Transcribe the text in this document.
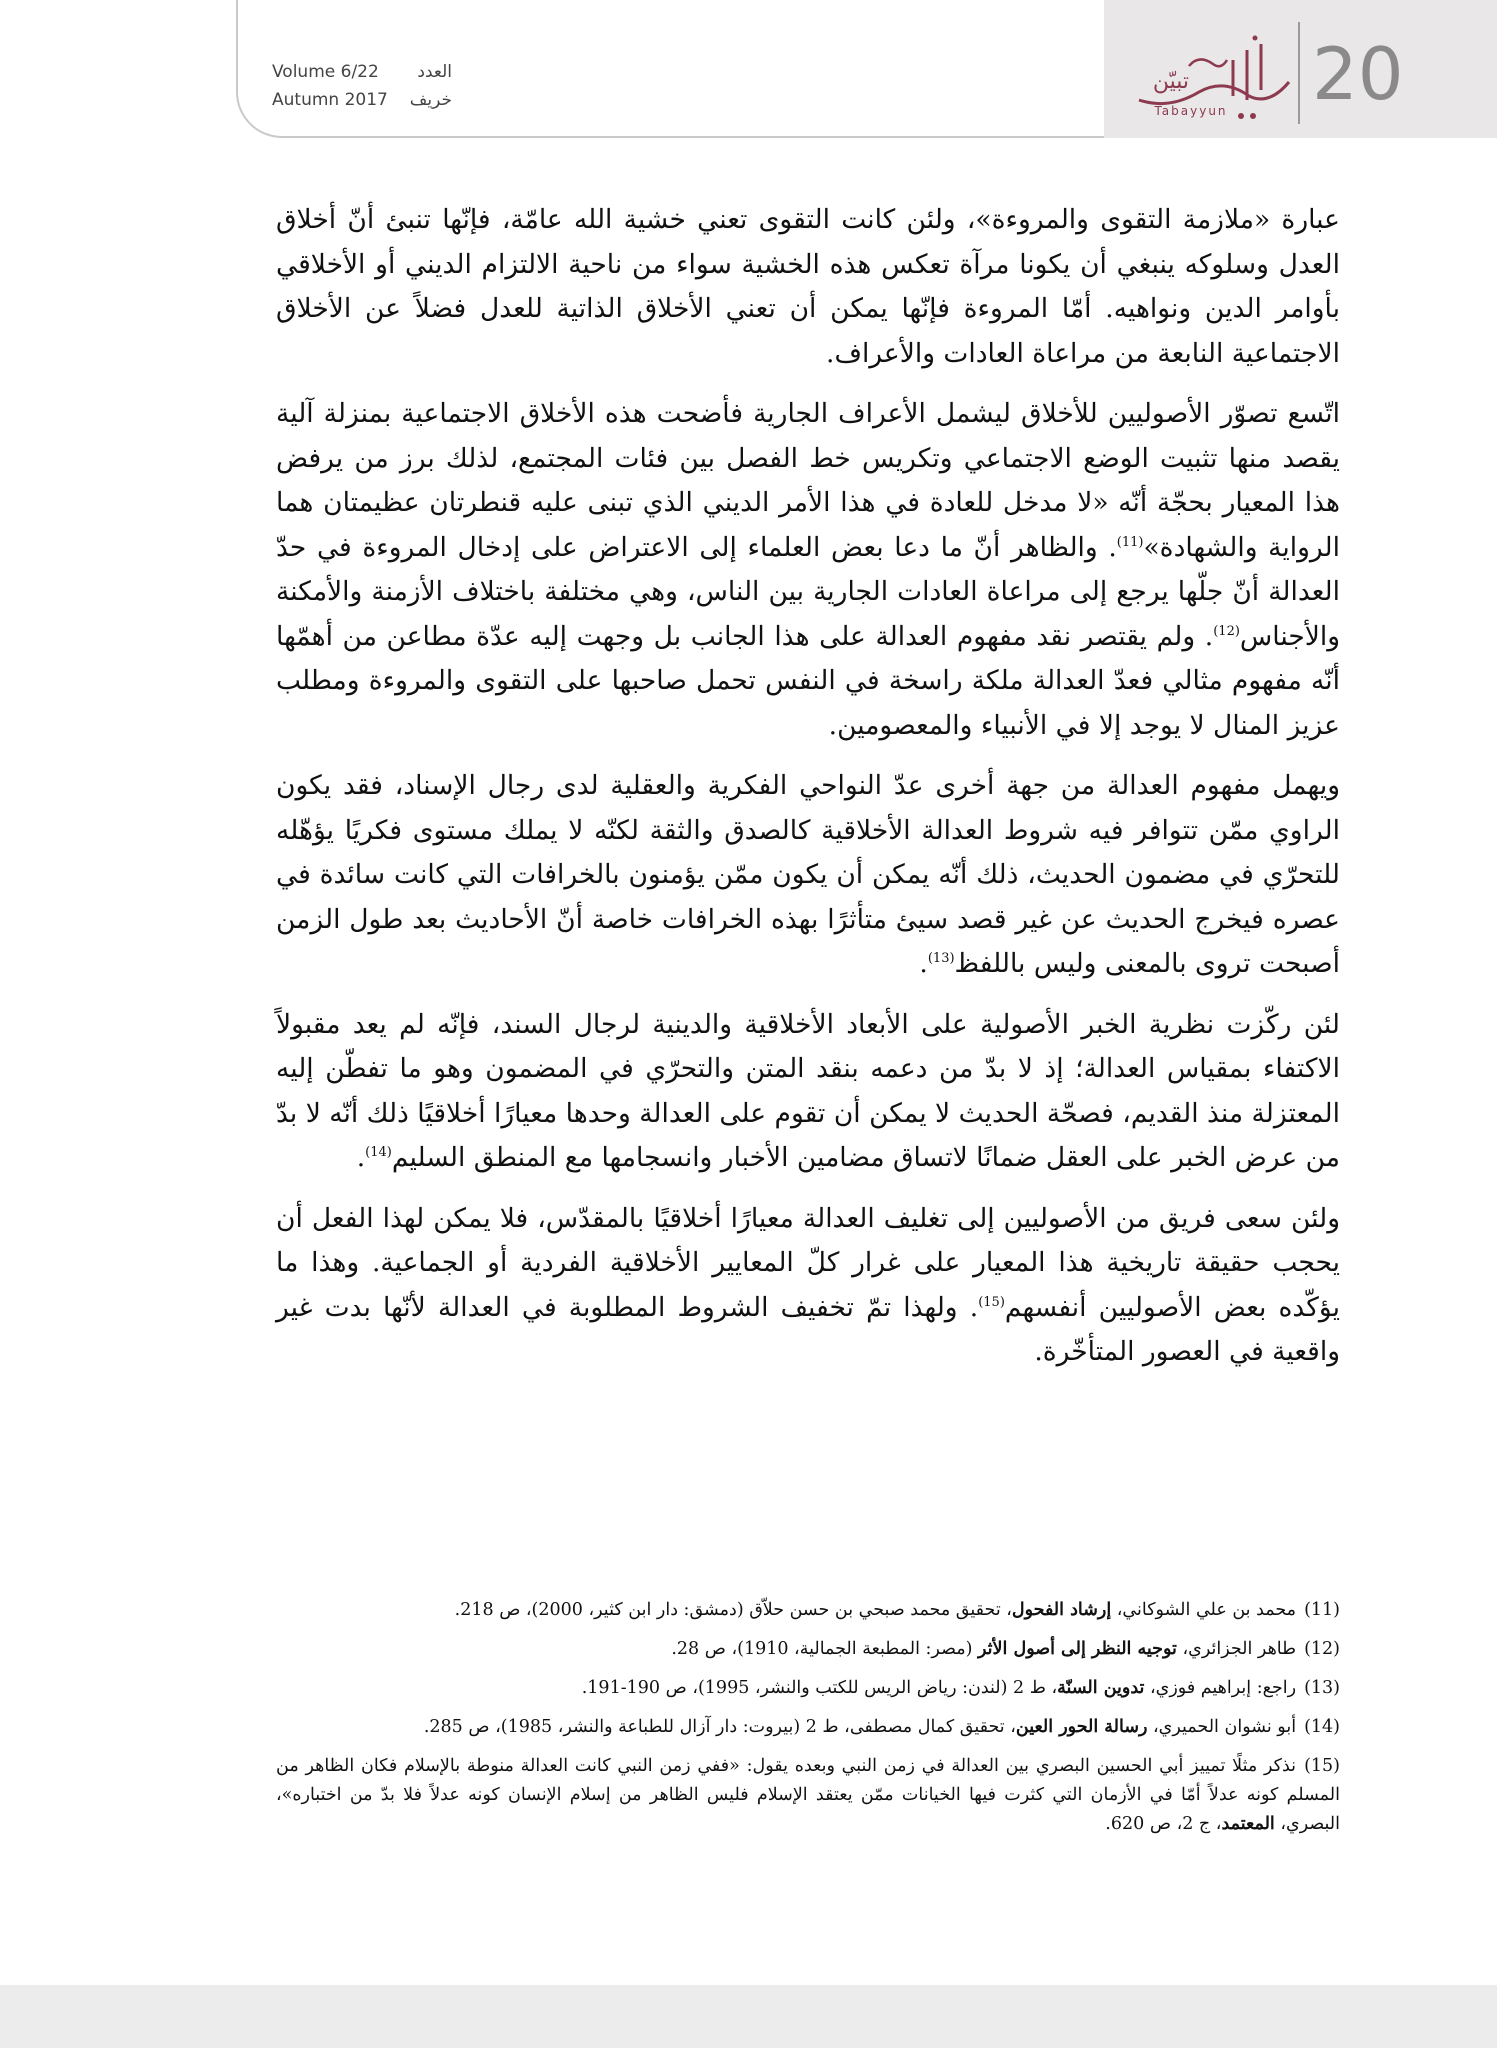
Volume 6/22 العدد
Autumn 2017 خريف
تبيّن
Tabayyun	20

عبارة «ملازمة التقوى والمروءة»، ولئن كانت التقوى تعني خشية الله عامّة، فإنّها تنبئ أنّ أخلاق العدل وسلوكه ينبغي أن يكونا مرآة تعكس هذه الخشية سواء من ناحية الالتزام الديني أو الأخلاقي بأوامر الدين ونواهيه. أمّا المروءة فإنّها يمكن أن تعني الأخلاق الذاتية للعدل فضلاً عن الأخلاق الاجتماعية النابعة من مراعاة العادات والأعراف.

اتّسع تصوّر الأصوليين للأخلاق ليشمل الأعراف الجارية فأضحت هذه الأخلاق الاجتماعية بمنزلة آلية يقصد منها تثبيت الوضع الاجتماعي وتكريس خط الفصل بين فئات المجتمع، لذلك برز من يرفض هذا المعيار بحجّة أنّه «لا مدخل للعادة في هذا الأمر الديني الذي تبنى عليه قنطرتان عظيمتان هما الرواية والشهادة»$^{(11)}$. والظاهر أنّ ما دعا بعض العلماء إلى الاعتراض على إدخال المروءة في حدّ العدالة أنّ جلّها يرجع إلى مراعاة العادات الجارية بين الناس، وهي مختلفة باختلاف الأزمنة والأمكنة والأجناس$^{(12)}$. ولم يقتصر نقد مفهوم العدالة على هذا الجانب بل وجهت إليه عدّة مطاعن من أهمّها أنّه مفهوم مثالي فعدّ العدالة ملكة راسخة في النفس تحمل صاحبها على التقوى والمروءة ومطلب عزيز المنال لا يوجد إلا في الأنبياء والمعصومين.

ويهمل مفهوم العدالة من جهة أخرى عدّ النواحي الفكرية والعقلية لدى رجال الإسناد، فقد يكون الراوي ممّن تتوافر فيه شروط العدالة الأخلاقية كالصدق والثقة لكنّه لا يملك مستوى فكريًا يؤهّله للتحرّي في مضمون الحديث، ذلك أنّه يمكن أن يكون ممّن يؤمنون بالخرافات التي كانت سائدة في عصره فيخرج الحديث عن غير قصد سيئ متأثرًا بهذه الخرافات خاصة أنّ الأحاديث بعد طول الزمن أصبحت تروى بالمعنى وليس باللفظ$^{(13)}$.

لئن ركّزت نظرية الخبر الأصولية على الأبعاد الأخلاقية والدينية لرجال السند، فإنّه لم يعد مقبولاً الاكتفاء بمقياس العدالة؛ إذ لا بدّ من دعمه بنقد المتن والتحرّي في المضمون وهو ما تفطّن إليه المعتزلة منذ القديم، فصحّة الحديث لا يمكن أن تقوم على العدالة وحدها معيارًا أخلاقيًا ذلك أنّه لا بدّ من عرض الخبر على العقل ضمانًا لاتساق مضامين الأخبار وانسجامها مع المنطق السليم$^{(14)}$.

ولئن سعى فريق من الأصوليين إلى تغليف العدالة معيارًا أخلاقيًا بالمقدّس، فلا يمكن لهذا الفعل أن يحجب حقيقة تاريخية هذا المعيار على غرار كلّ المعايير الأخلاقية الفردية أو الجماعية. وهذا ما يؤكّده بعض الأصوليين أنفسهم$^{(15)}$. ولهذا تمّ تخفيف الشروط المطلوبة في العدالة لأنّها بدت غير واقعية في العصور المتأخّرة.

(11)محمد بن علي الشوكاني، إرشاد الفحول، تحقيق محمد صبحي بن حسن حلاّق (دمشق: دار ابن كثير، 2000)، ص 218.

(12)طاهر الجزائري، توجيه النظر إلى أصول الأثر (مصر: المطبعة الجمالية، 1910)، ص 28.

(13)راجع: إبراهيم فوزي، تدوين السنّة، ط 2 (لندن: رياض الريس للكتب والنشر، 1995)، ص 190-191.

(14)أبو نشوان الحميري، رسالة الحور العين، تحقيق كمال مصطفى، ط 2 (بيروت: دار آزال للطباعة والنشر، 1985)، ص 285.

(15)نذكر مثلًا تمييز أبي الحسين البصري بين العدالة في زمن النبي وبعده يقول: «ففي زمن النبي كانت العدالة منوطة بالإسلام فكان الظاهر من المسلم كونه عدلاً أمّا في الأزمان التي كثرت فيها الخيانات ممّن يعتقد الإسلام فليس الظاهر من إسلام الإنسان كونه عدلاً فلا بدّ من اختباره»، البصري، المعتمد، ج 2، ص 620.
